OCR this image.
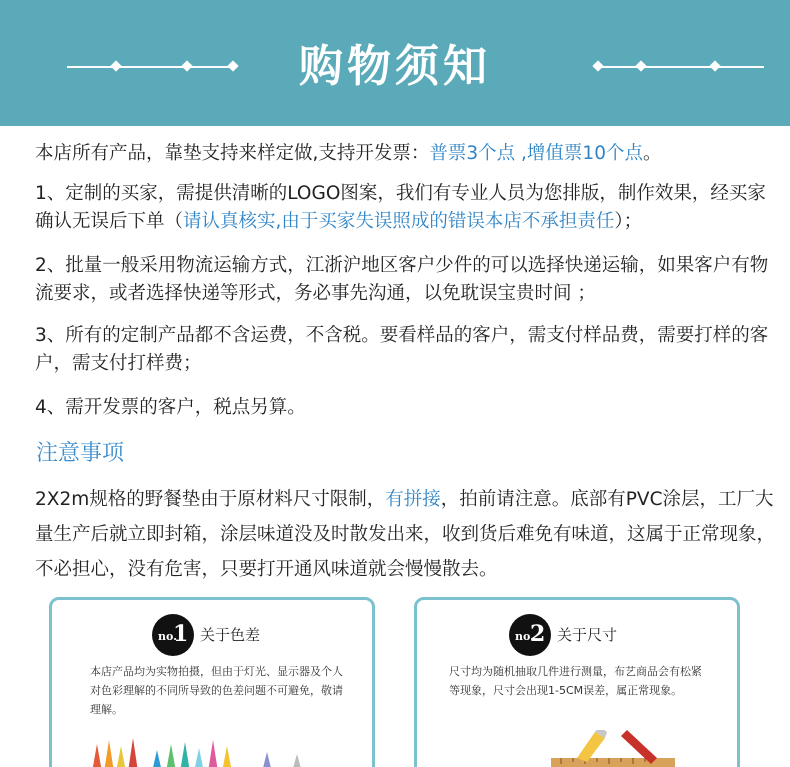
购物须知
本店所有产品，靠垫支持来样定做,支持开发票：普票3个点 ,增值票10个点。
1、定制的买家，需提供清晰的LOGO图案，我们有专业人员为您排版，制作效果，经买家确认无误后下单（请认真核实,由于买家失误照成的错误本店不承担责任）；
2、批量一般采用物流运输方式，江浙沪地区客户少件的可以选择快递运输，如果客户有物流要求，或者选择快递等形式，务必事先沟通，以免耽误宝贵时间 ；
3、所有的定制产品都不含运费，不含税。要看样品的客户，需支付样品费，需要打样的客户，需支付打样费；
4、需开发票的客户，税点另算。
注意事项
2X2m规格的野餐垫由于原材料尺寸限制，有拼接，拍前请注意。底部有PVC涂层，工厂大量生产后就立即封箱，涂层味道没及时散发出来，收到货后难免有味道，这属于正常现象，不必担心，没有危害，只要打开通风味道就会慢慢散去。
no.
1 关于色差
本店产品均为实物拍摄，但由于灯光、显示器及个人对色彩理解的不同所导致的色差问题不可避免，敬请理解。
no.
2 关于尺寸
尺寸均为随机抽取几件进行测量，布艺商品会有松紧等现象，尺寸会出现1-5CM误差，属正常现象。
